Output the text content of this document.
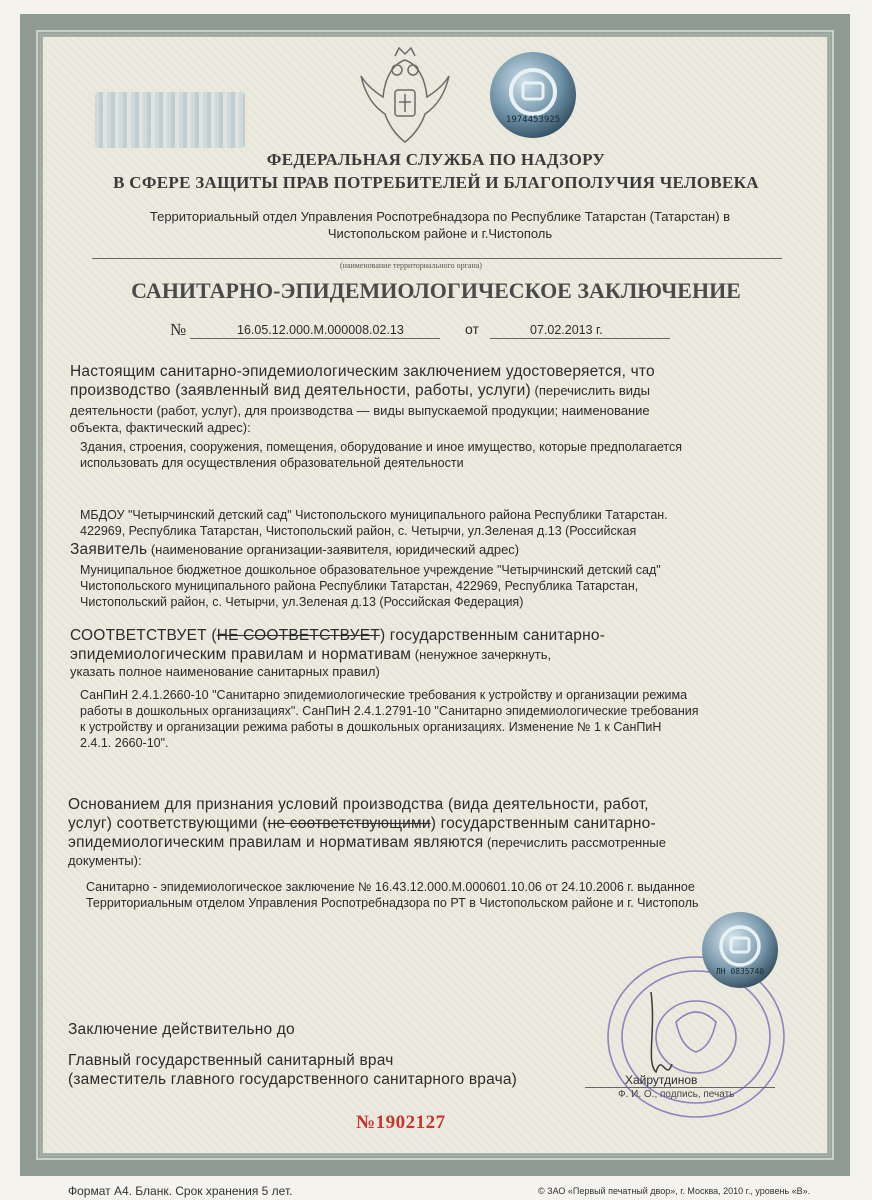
1974453925
ФЕДЕРАЛЬНАЯ СЛУЖБА ПО НАДЗОРУ
В СФЕРЕ ЗАЩИТЫ ПРАВ ПОТРЕБИТЕЛЕЙ И БЛАГОПОЛУЧИЯ ЧЕЛОВЕКА
Территориальный отдел Управления Роспотребнадзора по Республике Татарстан (Татарстан) в
Чистопольском районе и г.Чистополь
(наименование территориального органа)
САНИТАРНО-ЭПИДЕМИОЛОГИЧЕСКОЕ ЗАКЛЮЧЕНИЕ
№	16.05.12.000.М.000008.02.13	от	07.02.2013 г.
Настоящим санитарно-эпидемиологическим заключением удостоверяется, что
производство (заявленный вид деятельности, работы, услуги) (перечислить виды
деятельности (работ, услуг), для производства — виды выпускаемой продукции; наименование
объекта, фактический адрес):
Здания, строения, сооружения, помещения, оборудование и иное имущество, которые предполагается
использовать для осуществления образовательной деятельности
МБДОУ "Четырчинский детский сад" Чистопольского муниципального района Республики Татарстан.
422969, Республика Татарстан, Чистопольский район, с. Четырчи, ул.Зеленая д.13 (Российская
Заявитель (наименование организации-заявителя, юридический адрес)
Муниципальное бюджетное дошкольное образовательное учреждение "Четырчинский детский сад"
Чистопольского муниципального района Республики Татарстан, 422969, Республика Татарстан,
Чистопольский район, с. Четырчи, ул.Зеленая д.13 (Российская Федерация)
СООТВЕТСТВУЕТ (НЕ СООТВЕТСТВУЕТ) государственным санитарно-
эпидемиологическим правилам и нормативам (ненужное зачеркнуть,
указать полное наименование санитарных правил)
СанПиН 2.4.1.2660-10 "Санитарно эпидемиологические требования к устройству и организации режима
работы в дошкольных организациях". СанПиН 2.4.1.2791-10 "Санитарно эпидемиологические требования
к устройству и организации режима работы в дошкольных организациях. Изменение № 1 к СанПиН
2.4.1. 2660-10".
Основанием для признания условий производства (вида деятельности, работ,
услуг) соответствующими (не соответствующими) государственным санитарно-
эпидемиологическим правилам и нормативам являются (перечислить рассмотренные
документы):
Санитарно - эпидемиологическое заключение № 16.43.12.000.М.000601.10.06 от 24.10.2006 г. выданное
Территориальным отделом Управления Роспотребнадзора по РТ в Чистопольском районе и г. Чистополь
ЛН 0835740
Заключение действительно до
Главный государственный санитарный врач
(заместитель главного государственного санитарного врача)	Хайрутдинов
Ф. И. О., подпись, печать
№1902127
Формат А4. Бланк. Срок хранения 5 лет.	© ЗАО «Первый печатный двор», г. Москва, 2010 г., уровень «В».
